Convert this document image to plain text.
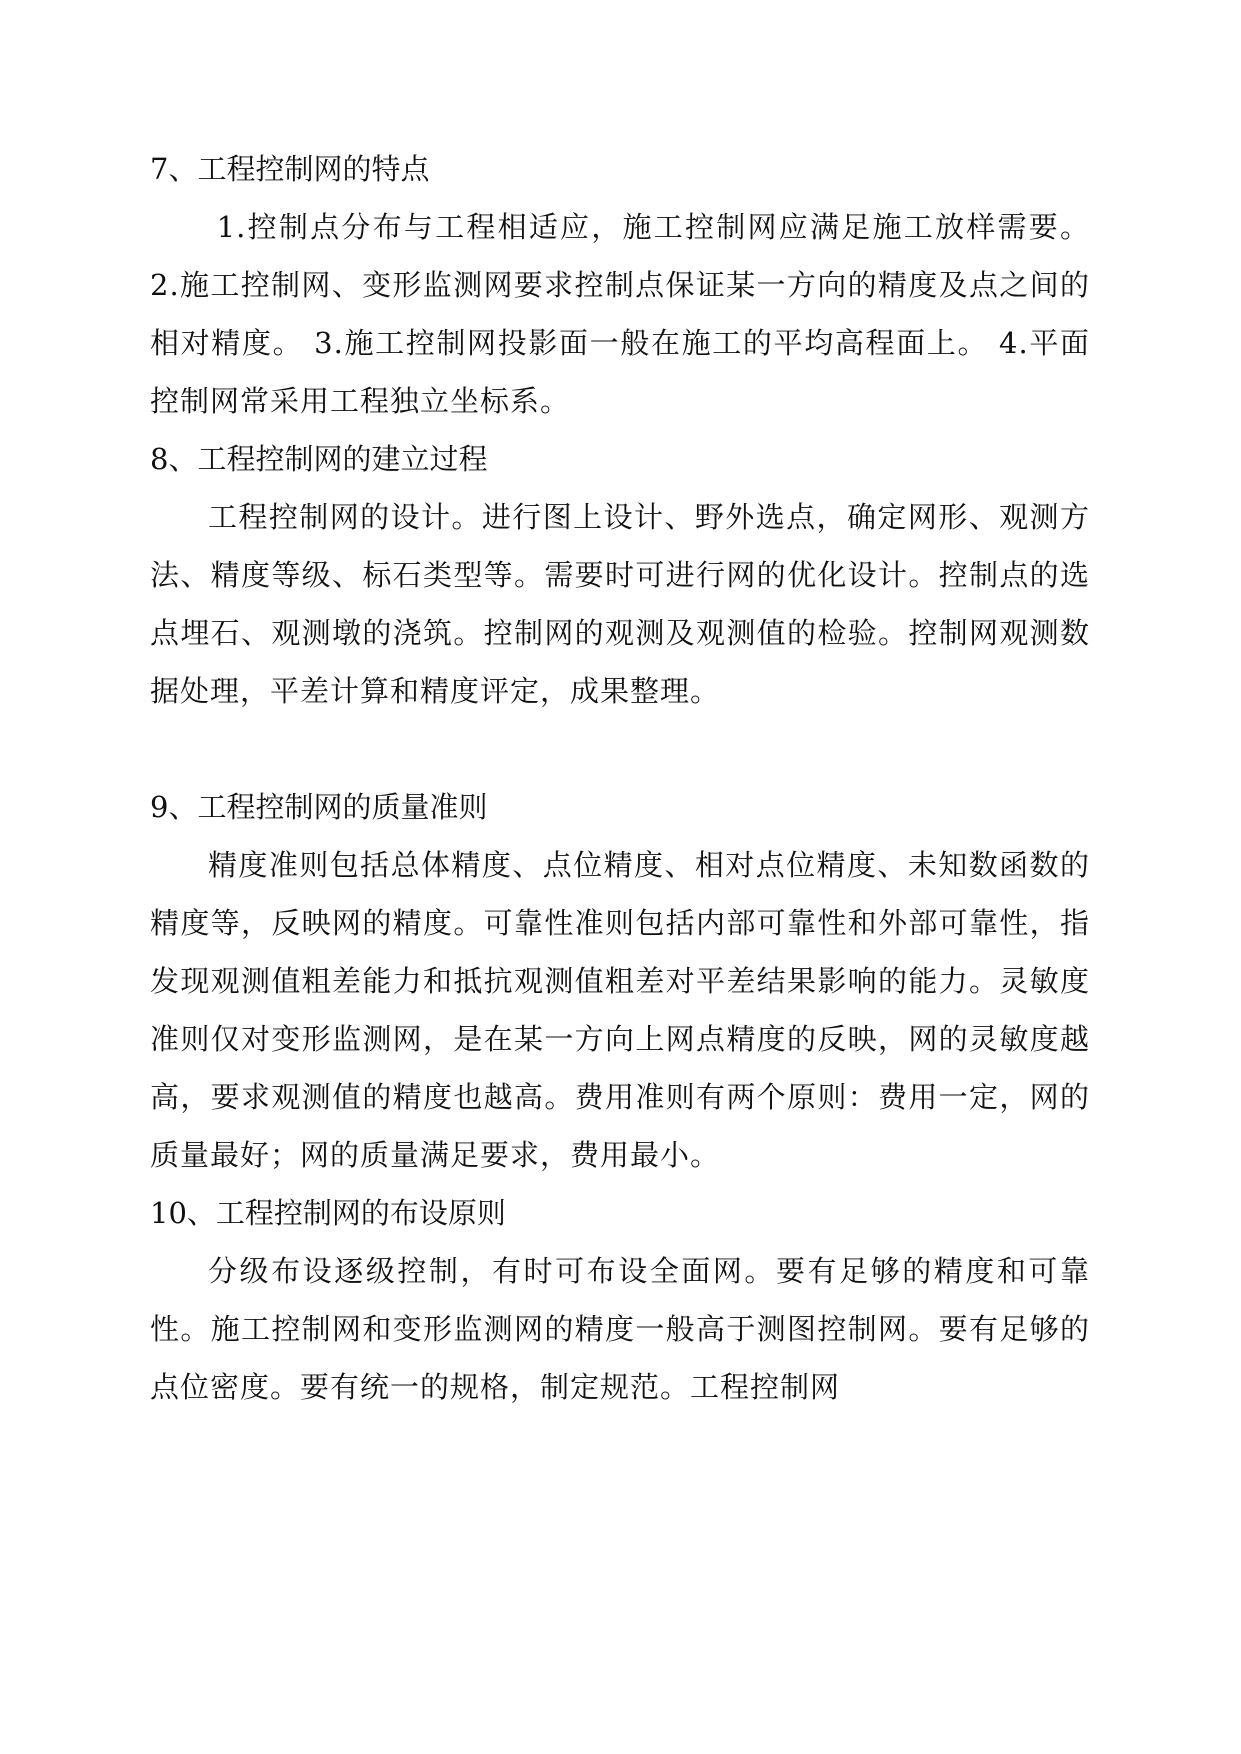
7、工程控制网的特点

1.控制点分布与工程相适应，施工控制网应满足施工放样需要。 2.施工控制网、变形监测网要求控制点保证某一方向的精度及点之间的相对精度。 3.施工控制网投影面一般在施工的平均高程面上。 4.平面控制网常采用工程独立坐标系。

8、工程控制网的建立过程

工程控制网的设计。进行图上设计、野外选点，确定网形、观测方法、精度等级、标石类型等。需要时可进行网的优化设计。控制点的选点埋石、观测墩的浇筑。控制网的观测及观测值的检验。控制网观测数据处理，平差计算和精度评定，成果整理。

9、工程控制网的质量准则

精度准则包括总体精度、点位精度、相对点位精度、未知数函数的精度等，反映网的精度。可靠性准则包括内部可靠性和外部可靠性，指发现观测值粗差能力和抵抗观测值粗差对平差结果影响的能力。灵敏度准则仅对变形监测网，是在某一方向上网点精度的反映，网的灵敏度越高，要求观测值的精度也越高。费用准则有两个原则：费用一定，网的质量最好；网的质量满足要求，费用最小。

10、工程控制网的布设原则

分级布设逐级控制，有时可布设全面网。要有足够的精度和可靠性。施工控制网和变形监测网的精度一般高于测图控制网。要有足够的点位密度。要有统一的规格，制定规范。工程控制网
